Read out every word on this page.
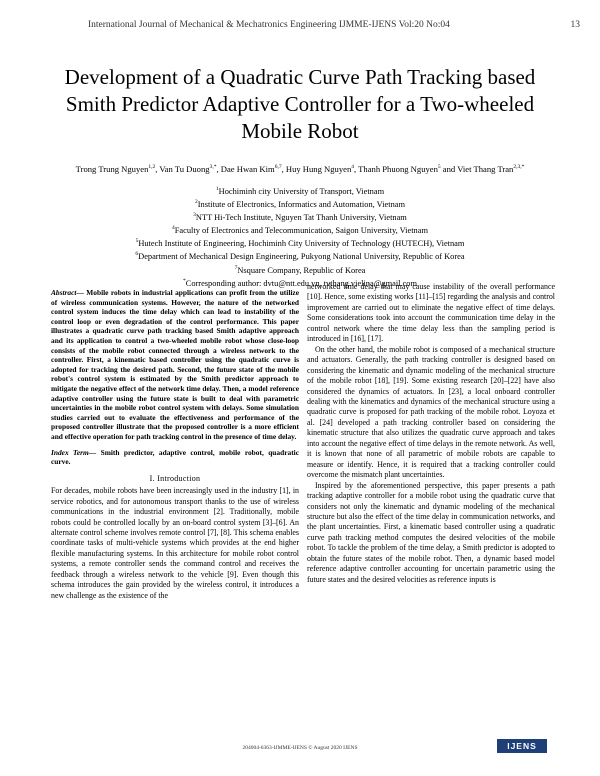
International Journal of Mechanical & Mechatronics Engineering IJMME-IJENS Vol:20 No:04	13
Development of a Quadratic Curve Path Tracking based Smith Predictor Adaptive Controller for a Two-wheeled Mobile Robot
Trong Trung Nguyen$^{1,2}$, Van Tu Duong$^{3,*}$, Dae Hwan Kim$^{6,7}$, Huy Hung Nguyen$^4$, Thanh Phuong Nguyen$^5$ and Viet Thang Tran$^{2,3,*}$
$^1$Hochiminh city University of Transport, Vietnam
$^2$Institute of Electronics, Informatics and Automation, Vietnam
$^3$NTT Hi-Tech Institute, Nguyen Tat Thanh University, Vietnam
$^4$Faculty of Electronics and Telecommunication, Saigon University, Vietnam
$^5$Hutech Institute of Engineering, Hochiminh City University of Technology (HUTECH), Vietnam
$^6$Department of Mechanical Design Engineering, Pukyong National University, Republic of Korea
$^7$Nsquare Company, Republic of Korea
*Corresponding author: dvtu@ntt.edu.vn, tvthang.vielina@gmail.com
Abstract— Mobile robots in industrial applications can profit from the utilize of wireless communication systems. However, the nature of the networked control system induces the time delay which can lead to instability of the control loop or even degradation of the control performance. This paper illustrates a quadratic curve path tracking based Smith adaptive approach and its application to control a two-wheeled mobile robot whose close-loop consists of the mobile robot connected through a wireless network to the controller. First, a kinematic based controller using the quadratic curve is adopted for tracking the desired path. Second, the future state of the mobile robot's control system is estimated by the Smith predictor approach to mitigate the negative effect of the network time delay. Then, a model reference adaptive controller using the future state is built to deal with parametric uncertainties in the mobile robot control system with delays. Some simulation studies carried out to evaluate the effectiveness and performance of the proposed controller illustrate that the proposed controller is a more efficient and effective operation for path tracking control in the presence of time delay.
Index Term— Smith predictor, adaptive control, mobile robot, quadratic curve.
I. Introduction

For decades, mobile robots have been increasingly used in the industry [1], in service robotics, and for autonomous transport thanks to the use of wireless communications in the industrial environment [2]. Traditionally, mobile robots could be controlled locally by an on-board control system [3]–[6]. An alternate control scheme involves remote control [7], [8]. This schema enables coordinate tasks of multi-vehicle systems which provides at the end higher flexible manufacturing systems. In this architecture for mobile robot control systems, a remote controller sends the command control and receives the feedback through a wireless network to the vehicle [9]. Even though this schema introduces the gain provided by the wireless control, it introduces a new challenge as the existence of the

networked time delay that may cause instability of the overall performance [10]. Hence, some existing works [11]–[15] regarding the analysis and control improvement are carried out to eliminate the negative effect of time delays. Some considerations took into account the communication time delay in the control network where the time delay less than the sampling period is introduced in [16], [17].

On the other hand, the mobile robot is composed of a mechanical structure and actuators. Generally, the path tracking controller is designed based on considering the kinematic and dynamic modeling of the mechanical structure of the mobile robot [18], [19]. Some existing research [20]–[22] have also considered the dynamics of actuators. In [23], a local onboard controller dealing with the kinematics and dynamics of the mechanical structure using a quadratic curve is proposed for path tracking of the mobile robot. Loyoza et al. [24] developed a path tracking controller based on considering the kinematic structure that also utilizes the quadratic curve approach and takes into account the negative effect of time delays in the remote network. As well, it is known that none of all parametric of mobile robots are capable to measure or identify. Hence, it is required that a tracking controller could overcome the mismatch plant uncertainties.

Inspired by the aforementioned perspective, this paper presents a path tracking adaptive controller for a mobile robot using the quadratic curve that considers not only the kinematic and dynamic modeling of the mechanical structure but also the effect of the time delay in communication networks, and the plant uncertainties. First, a kinematic based controller using a quadratic curve path tracking method computes the desired velocities of the mobile robot. To tackle the problem of the time delay, a Smith predictor is adopted to obtain the future states of the mobile robot. Then, a dynamic based model reference adaptive controller accounting for uncertain parametric using the future states and the desired velocities as reference inputs is

204004-6363-IJMME-IJENS © August 2020 IJENS	IJENS
